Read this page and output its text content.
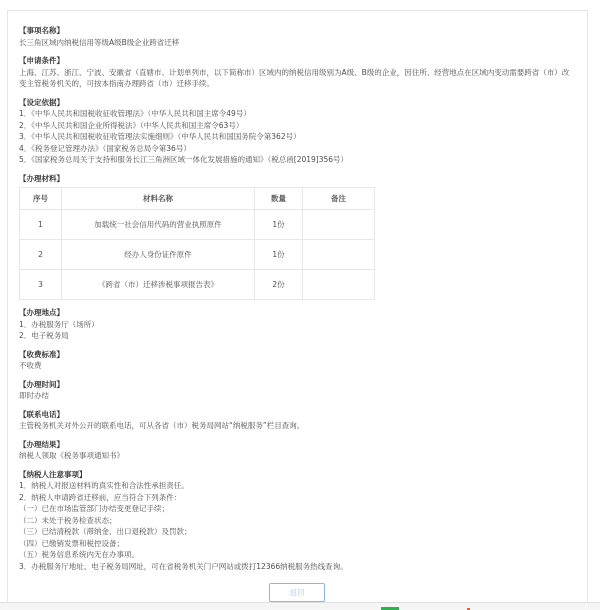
【事项名称】
长三角区域内纳税信用等级A级B级企业跨省迁移
【申请条件】
上海、江苏、浙江、宁波、安徽省（直辖市、计划单列市，以下简称市）区域内的纳税信用级别为A级、B级的企业，因住所、经营地点在区域内变动需要跨省（市）改变主管税务机关的，可按本指南办理跨省（市）迁移手续。
【设定依据】
1．《中华人民共和国税收征收管理法》（中华人民共和国主席令49号）
2．《中华人民共和国企业所得税法》（中华人民共和国主席令63号）
3．《中华人民共和国税收征收管理法实施细则》（中华人民共和国国务院令第362号）
4．《税务登记管理办法》（国家税务总局令第36号）
5．《国家税务总局关于支持和服务长江三角洲区域一体化发展措施的通知》（税总函[2019]356号）
【办理材料】
序号	材料名称	数量	备注
1	加载统一社会信用代码的营业执照原件	1份	
2	经办人身份证件原件	1份	
3	《跨省（市）迁移涉税事项报告表》	2份	
【办理地点】
1．办税服务厅（场所）
2．电子税务局
【收费标准】
不收费
【办理时间】
即时办结
【联系电话】
主管税务机关对外公开的联系电话，可从各省（市）税务局网站“纳税服务”栏目查询。
【办理结果】
纳税人领取《税务事项通知书》
【纳税人注意事项】
1．纳税人对报送材料的真实性和合法性承担责任。
2．纳税人申请跨省迁移前，应当符合下列条件：
（一）已在市场监管部门办结变更登记手续；
（二）未处于税务检查状态；
（三）已结清税款（滞纳金、出口退税款）及罚款；
（四）已缴销发票和税控设备；
（五）税务信息系统内无在办事项。
3．办税服务厅地址、电子税务局网址，可在省税务机关门户网站或拨打12366纳税服务热线查询。
返回
